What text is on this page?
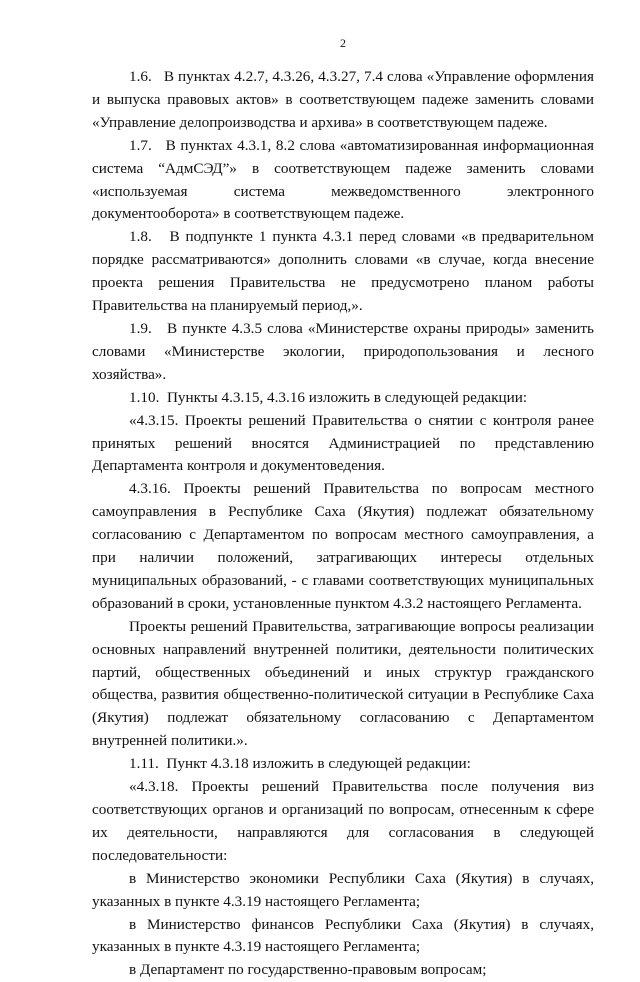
2

1.6.   В пунктах 4.2.7, 4.3.26, 4.3.27, 7.4 слова «Управление оформления и выпуска правовых актов» в соответствующем падеже заменить словами «Управление делопроизводства и архива» в соответствующем падеже.

1.7.   В пунктах 4.3.1, 8.2 слова «автоматизированная информационная система “АдмСЭД”» в соответствующем падеже заменить словами «используемая система межведомственного электронного документооборота» в соответствующем падеже.

1.8.   В подпункте 1 пункта 4.3.1 перед словами «в предварительном порядке рассматриваются» дополнить словами «в случае, когда внесение проекта решения Правительства не предусмотрено планом работы Правительства на планируемый период,».

1.9.   В пункте 4.3.5 слова «Министерстве охраны природы» заменить словами «Министерстве экологии, природопользования и лесного хозяйства».

1.10.  Пункты 4.3.15, 4.3.16 изложить в следующей редакции:

«4.3.15. Проекты решений Правительства о снятии с контроля ранее принятых решений вносятся Администрацией по представлению Департамента контроля и документоведения.

4.3.16. Проекты решений Правительства по вопросам местного самоуправления в Республике Саха (Якутия) подлежат обязательному согласованию с Департаментом по вопросам местного самоуправления, а при наличии положений, затрагивающих интересы отдельных муниципальных образований, - с главами соответствующих муниципальных образований в сроки, установленные пунктом 4.3.2 настоящего Регламента.

Проекты решений Правительства, затрагивающие вопросы реализации основных направлений внутренней политики, деятельности политических партий, общественных объединений и иных структур гражданского общества, развития общественно-политической ситуации в Республике Саха (Якутия) подлежат обязательному согласованию с Департаментом внутренней политики.».

1.11.  Пункт 4.3.18 изложить в следующей редакции:

«4.3.18. Проекты решений Правительства после получения виз соответствующих органов и организаций по вопросам, отнесенным к сфере их деятельности, направляются для согласования в следующей последовательности:

в Министерство экономики Республики Саха (Якутия) в случаях, указанных в пункте 4.3.19 настоящего Регламента;

в Министерство финансов Республики Саха (Якутия) в случаях, указанных в пункте 4.3.19 настоящего Регламента;

в Департамент по государственно-правовым вопросам;
